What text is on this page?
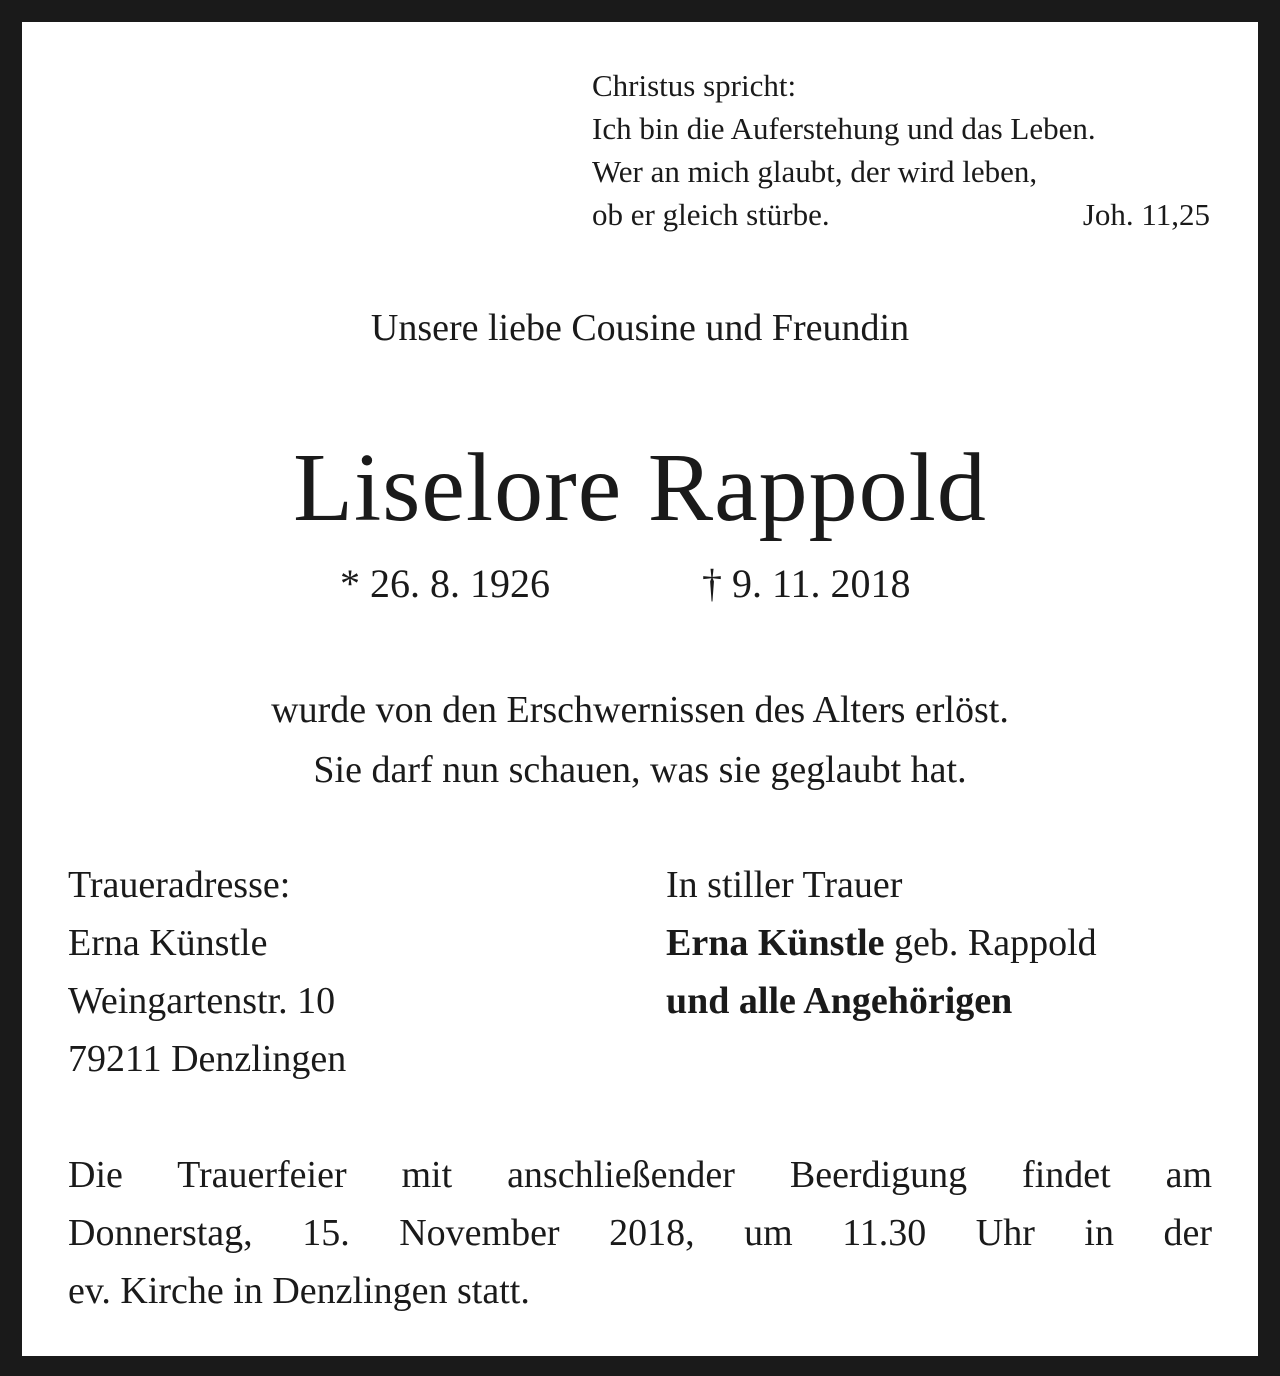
Christus spricht:
Ich bin die Auferstehung und das Leben.
Wer an mich glaubt, der wird leben,
ob er gleich stürbe.	Joh. 11,25
Unsere liebe Cousine und Freundin
Liselore Rappold
* 26. 8. 1926	† 9. 11. 2018
wurde von den Erschwernissen des Alters erlöst.
Sie darf nun schauen, was sie geglaubt hat.
Traueradresse:
Erna Künstle
Weingartenstr. 10
79211 Denzlingen
In stiller Trauer
Erna Künstle geb. Rappold
und alle Angehörigen
Die Trauerfeier mit anschließender Beerdigung findet am
Donnerstag, 15. November 2018, um 11.30 Uhr in der
ev. Kirche in Denzlingen statt.
